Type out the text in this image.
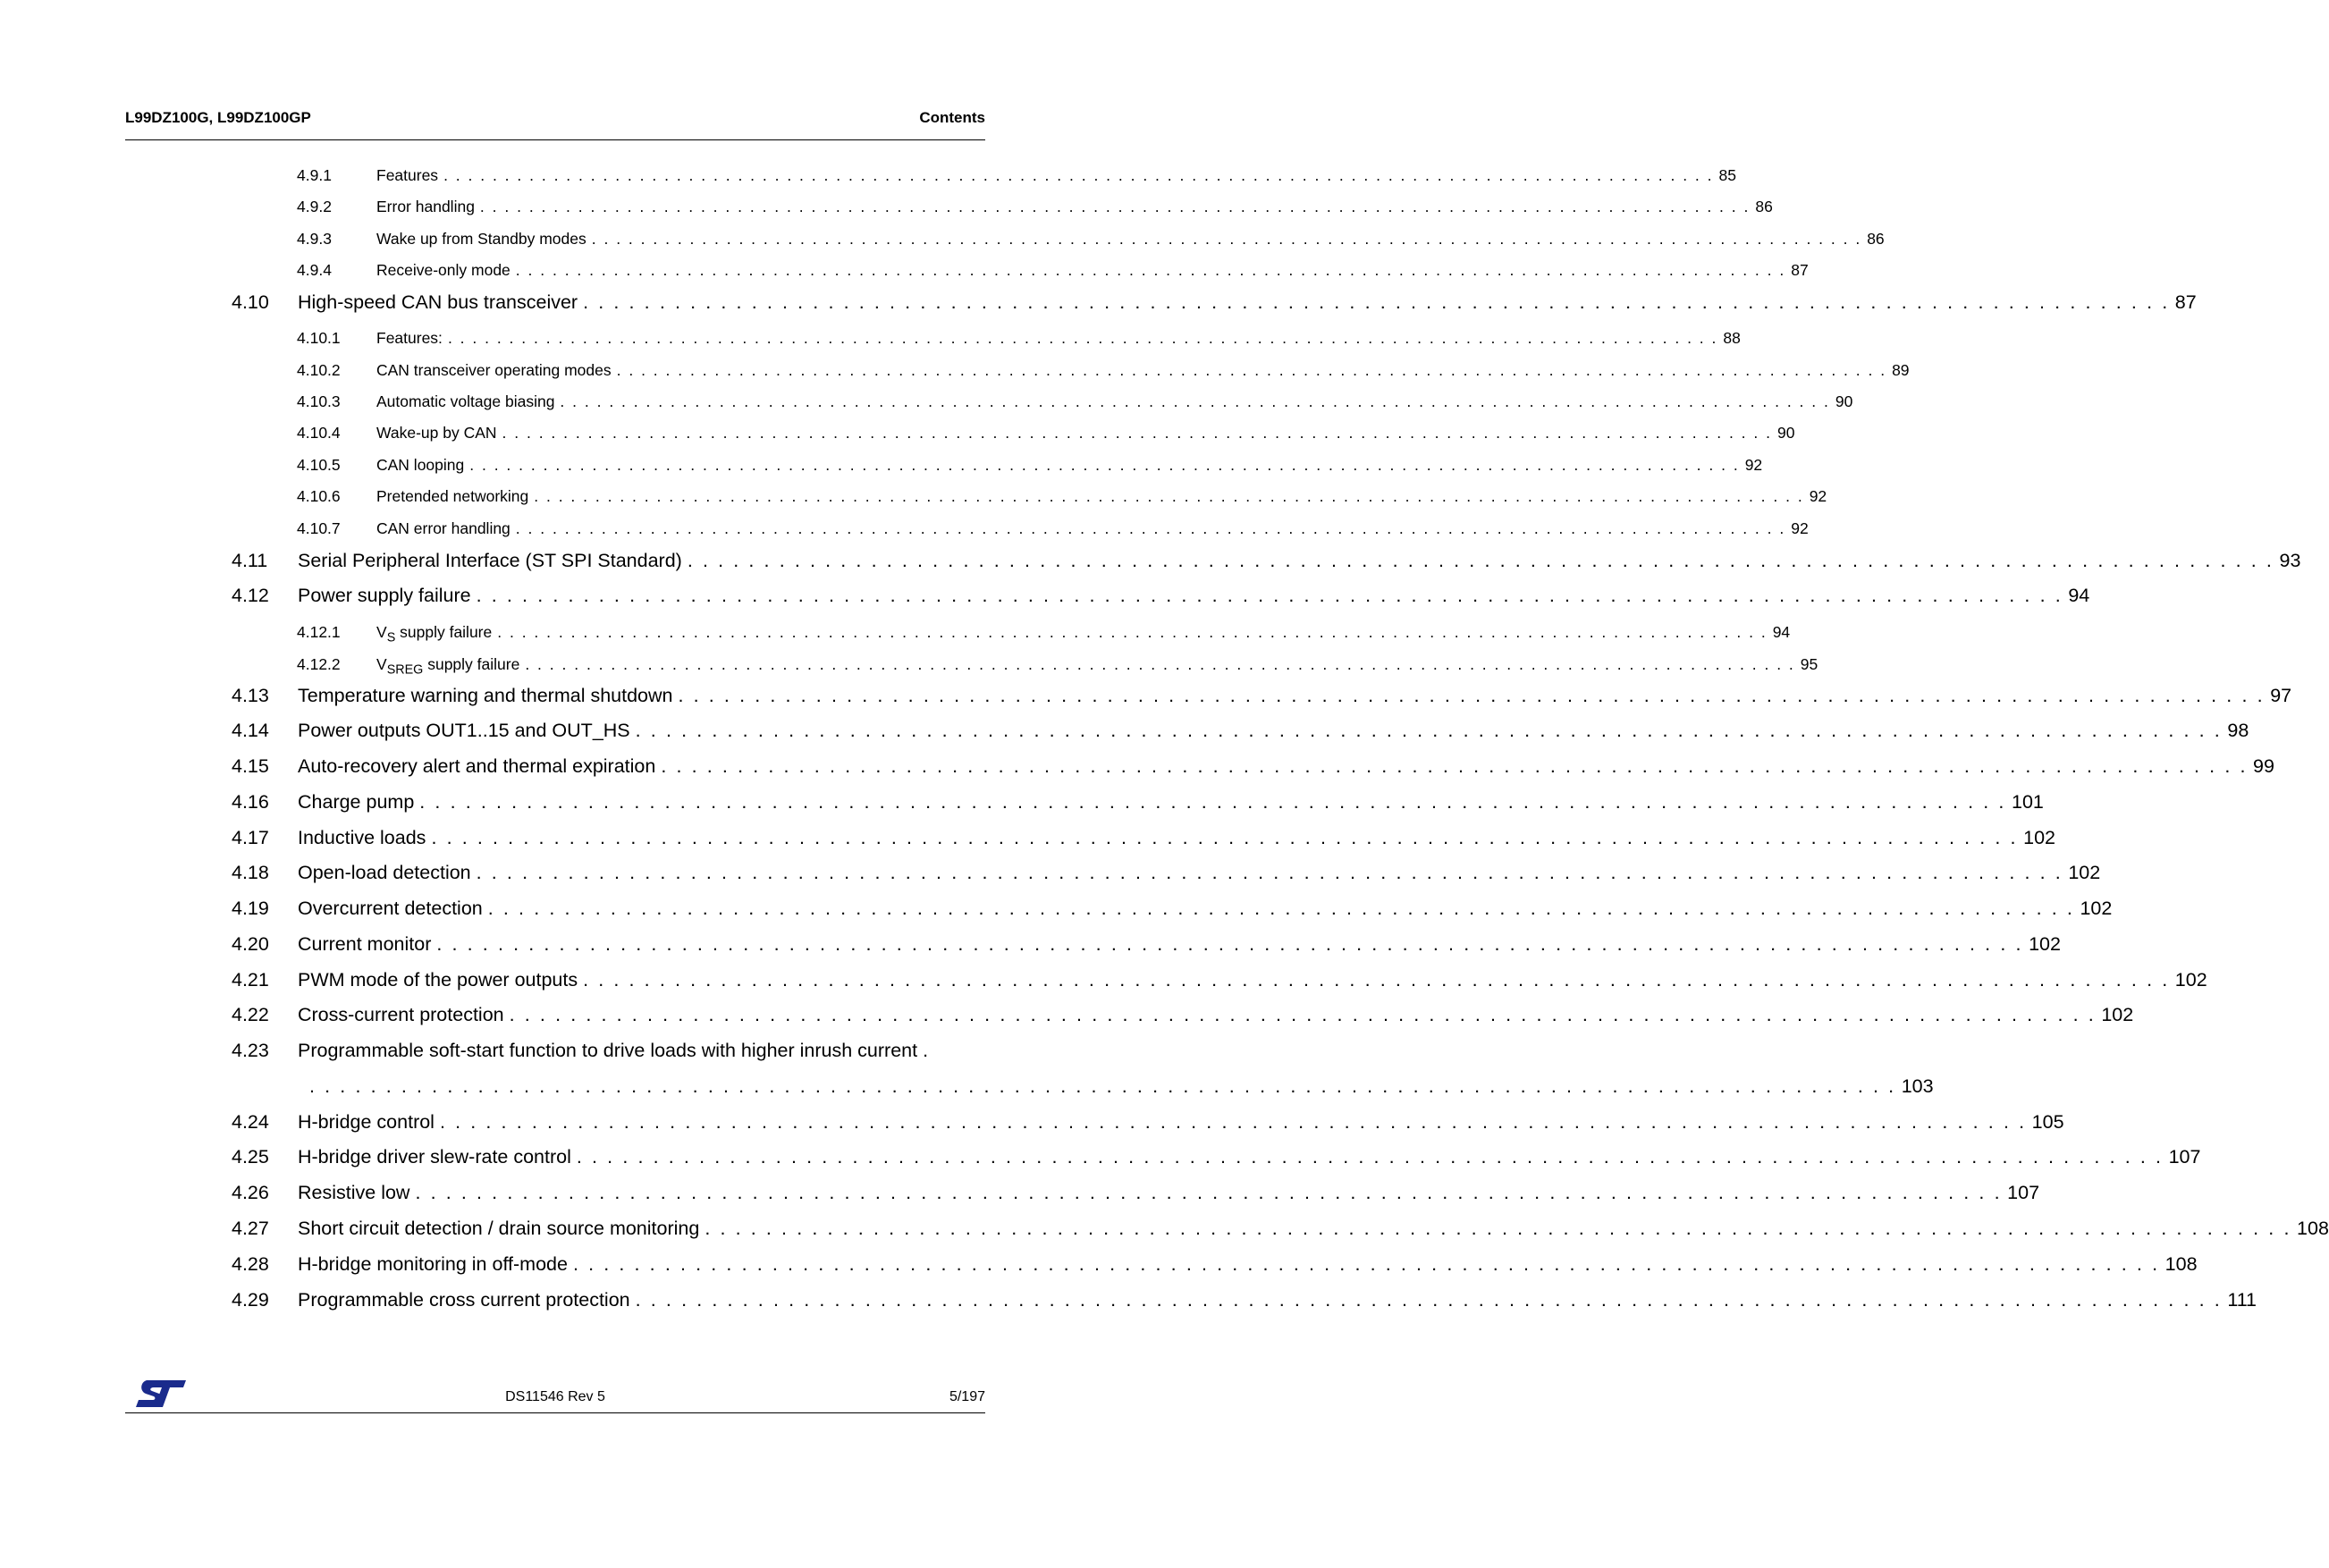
L99DZ100G, L99DZ100GP	Contents
4.9.1	Features . . . . . . . . . . . . . . . . . . . . . . . . . . . . . . . . . . . . . . . . . . . . . . . . . . . . . . . . . . . . . . . . . . . . . . . . . . . . . . . . . . . . . . . . . . . . . . . . . . . . . . . . 85
4.9.2	Error handling . . . . . . . . . . . . . . . . . . . . . . . . . . . . . . . . . . . . . . . . . . . . . . . . . . . . . . . . . . . . . . . . . . . . . . . . . . . . . . . . . . . . . . . . . . . . . . . . . . . . . . . . 86
4.9.3	Wake up from Standby modes . . . . . . . . . . . . . . . . . . . . . . . . . . . . . . . . . . . . . . . . . . . . . . . . . . . . . . . . . . . . . . . . . . . . . . . . . . . . . . . . . . . . . . . . . . . . . . . . . . . . . . . . 86
4.9.4	Receive-only mode . . . . . . . . . . . . . . . . . . . . . . . . . . . . . . . . . . . . . . . . . . . . . . . . . . . . . . . . . . . . . . . . . . . . . . . . . . . . . . . . . . . . . . . . . . . . . . . . . . . . . . . . 87
4.10	High-speed CAN bus transceiver . . . . . . . . . . . . . . . . . . . . . . . . . . . . . . . . . . . . . . . . . . . . . . . . . . . . . . . . . . . . . . . . . . . . . . . . . . . . . . . . . . . . . . . . . . . . . . . . . . . . . . . . 87
4.10.1	Features: . . . . . . . . . . . . . . . . . . . . . . . . . . . . . . . . . . . . . . . . . . . . . . . . . . . . . . . . . . . . . . . . . . . . . . . . . . . . . . . . . . . . . . . . . . . . . . . . . . . . . . . . 88
4.10.2	CAN transceiver operating modes . . . . . . . . . . . . . . . . . . . . . . . . . . . . . . . . . . . . . . . . . . . . . . . . . . . . . . . . . . . . . . . . . . . . . . . . . . . . . . . . . . . . . . . . . . . . . . . . . . . . . . . . 89
4.10.3	Automatic voltage biasing . . . . . . . . . . . . . . . . . . . . . . . . . . . . . . . . . . . . . . . . . . . . . . . . . . . . . . . . . . . . . . . . . . . . . . . . . . . . . . . . . . . . . . . . . . . . . . . . . . . . . . . . 90
4.10.4	Wake-up by CAN . . . . . . . . . . . . . . . . . . . . . . . . . . . . . . . . . . . . . . . . . . . . . . . . . . . . . . . . . . . . . . . . . . . . . . . . . . . . . . . . . . . . . . . . . . . . . . . . . . . . . . . . 90
4.10.5	CAN looping . . . . . . . . . . . . . . . . . . . . . . . . . . . . . . . . . . . . . . . . . . . . . . . . . . . . . . . . . . . . . . . . . . . . . . . . . . . . . . . . . . . . . . . . . . . . . . . . . . . . . . . . 92
4.10.6	Pretended networking . . . . . . . . . . . . . . . . . . . . . . . . . . . . . . . . . . . . . . . . . . . . . . . . . . . . . . . . . . . . . . . . . . . . . . . . . . . . . . . . . . . . . . . . . . . . . . . . . . . . . . . . 92
4.10.7	CAN error handling . . . . . . . . . . . . . . . . . . . . . . . . . . . . . . . . . . . . . . . . . . . . . . . . . . . . . . . . . . . . . . . . . . . . . . . . . . . . . . . . . . . . . . . . . . . . . . . . . . . . . . . . 92
4.11	Serial Peripheral Interface (ST SPI Standard) . . . . . . . . . . . . . . . . . . . . . . . . . . . . . . . . . . . . . . . . . . . . . . . . . . . . . . . . . . . . . . . . . . . . . . . . . . . . . . . . . . . . . . . . . . . . . . . . . . . . . . . . 93
4.12	Power supply failure . . . . . . . . . . . . . . . . . . . . . . . . . . . . . . . . . . . . . . . . . . . . . . . . . . . . . . . . . . . . . . . . . . . . . . . . . . . . . . . . . . . . . . . . . . . . . . . . . . . . . . . . 94
4.12.1	$V_S$ supply failure . . . . . . . . . . . . . . . . . . . . . . . . . . . . . . . . . . . . . . . . . . . . . . . . . . . . . . . . . . . . . . . . . . . . . . . . . . . . . . . . . . . . . . . . . . . . . . . . . . . . . . . . 94
4.12.2	$V_{SREG}$ supply failure . . . . . . . . . . . . . . . . . . . . . . . . . . . . . . . . . . . . . . . . . . . . . . . . . . . . . . . . . . . . . . . . . . . . . . . . . . . . . . . . . . . . . . . . . . . . . . . . . . . . . . . . 95
4.13	Temperature warning and thermal shutdown . . . . . . . . . . . . . . . . . . . . . . . . . . . . . . . . . . . . . . . . . . . . . . . . . . . . . . . . . . . . . . . . . . . . . . . . . . . . . . . . . . . . . . . . . . . . . . . . . . . . . . . . 97
4.14	Power outputs OUT1..15 and OUT_HS . . . . . . . . . . . . . . . . . . . . . . . . . . . . . . . . . . . . . . . . . . . . . . . . . . . . . . . . . . . . . . . . . . . . . . . . . . . . . . . . . . . . . . . . . . . . . . . . . . . . . . . . 98
4.15	Auto-recovery alert and thermal expiration . . . . . . . . . . . . . . . . . . . . . . . . . . . . . . . . . . . . . . . . . . . . . . . . . . . . . . . . . . . . . . . . . . . . . . . . . . . . . . . . . . . . . . . . . . . . . . . . . . . . . . . . 99
4.16	Charge pump . . . . . . . . . . . . . . . . . . . . . . . . . . . . . . . . . . . . . . . . . . . . . . . . . . . . . . . . . . . . . . . . . . . . . . . . . . . . . . . . . . . . . . . . . . . . . . . . . . . . . . . . 101
4.17	Inductive loads . . . . . . . . . . . . . . . . . . . . . . . . . . . . . . . . . . . . . . . . . . . . . . . . . . . . . . . . . . . . . . . . . . . . . . . . . . . . . . . . . . . . . . . . . . . . . . . . . . . . . . . . 102
4.18	Open-load detection . . . . . . . . . . . . . . . . . . . . . . . . . . . . . . . . . . . . . . . . . . . . . . . . . . . . . . . . . . . . . . . . . . . . . . . . . . . . . . . . . . . . . . . . . . . . . . . . . . . . . . . . 102
4.19	Overcurrent detection . . . . . . . . . . . . . . . . . . . . . . . . . . . . . . . . . . . . . . . . . . . . . . . . . . . . . . . . . . . . . . . . . . . . . . . . . . . . . . . . . . . . . . . . . . . . . . . . . . . . . . . . 102
4.20	Current monitor . . . . . . . . . . . . . . . . . . . . . . . . . . . . . . . . . . . . . . . . . . . . . . . . . . . . . . . . . . . . . . . . . . . . . . . . . . . . . . . . . . . . . . . . . . . . . . . . . . . . . . . . 102
4.21	PWM mode of the power outputs . . . . . . . . . . . . . . . . . . . . . . . . . . . . . . . . . . . . . . . . . . . . . . . . . . . . . . . . . . . . . . . . . . . . . . . . . . . . . . . . . . . . . . . . . . . . . . . . . . . . . . . . 102
4.22	Cross-current protection . . . . . . . . . . . . . . . . . . . . . . . . . . . . . . . . . . . . . . . . . . . . . . . . . . . . . . . . . . . . . . . . . . . . . . . . . . . . . . . . . . . . . . . . . . . . . . . . . . . . . . . . 102
4.23	Programmable soft-start function to drive loads with higher inrush current .
. . . . . . . . . . . . . . . . . . . . . . . . . . . . . . . . . . . . . . . . . . . . . . . . . . . . . . . . . . . . . . . . . . . . . . . . . . . . . . . . . . . . . . . . . . . . . . . . . . . . . . . . 103
4.24	H-bridge control . . . . . . . . . . . . . . . . . . . . . . . . . . . . . . . . . . . . . . . . . . . . . . . . . . . . . . . . . . . . . . . . . . . . . . . . . . . . . . . . . . . . . . . . . . . . . . . . . . . . . . . . 105
4.25	H-bridge driver slew-rate control . . . . . . . . . . . . . . . . . . . . . . . . . . . . . . . . . . . . . . . . . . . . . . . . . . . . . . . . . . . . . . . . . . . . . . . . . . . . . . . . . . . . . . . . . . . . . . . . . . . . . . . . 107
4.26	Resistive low . . . . . . . . . . . . . . . . . . . . . . . . . . . . . . . . . . . . . . . . . . . . . . . . . . . . . . . . . . . . . . . . . . . . . . . . . . . . . . . . . . . . . . . . . . . . . . . . . . . . . . . . 107
4.27	Short circuit detection / drain source monitoring . . . . . . . . . . . . . . . . . . . . . . . . . . . . . . . . . . . . . . . . . . . . . . . . . . . . . . . . . . . . . . . . . . . . . . . . . . . . . . . . . . . . . . . . . . . . . . . . . . . . . . . . 108
4.28	H-bridge monitoring in off-mode . . . . . . . . . . . . . . . . . . . . . . . . . . . . . . . . . . . . . . . . . . . . . . . . . . . . . . . . . . . . . . . . . . . . . . . . . . . . . . . . . . . . . . . . . . . . . . . . . . . . . . . . 108
4.29	Programmable cross current protection . . . . . . . . . . . . . . . . . . . . . . . . . . . . . . . . . . . . . . . . . . . . . . . . . . . . . . . . . . . . . . . . . . . . . . . . . . . . . . . . . . . . . . . . . . . . . . . . . . . . . . . . 111
DS11546 Rev 5	5/197
